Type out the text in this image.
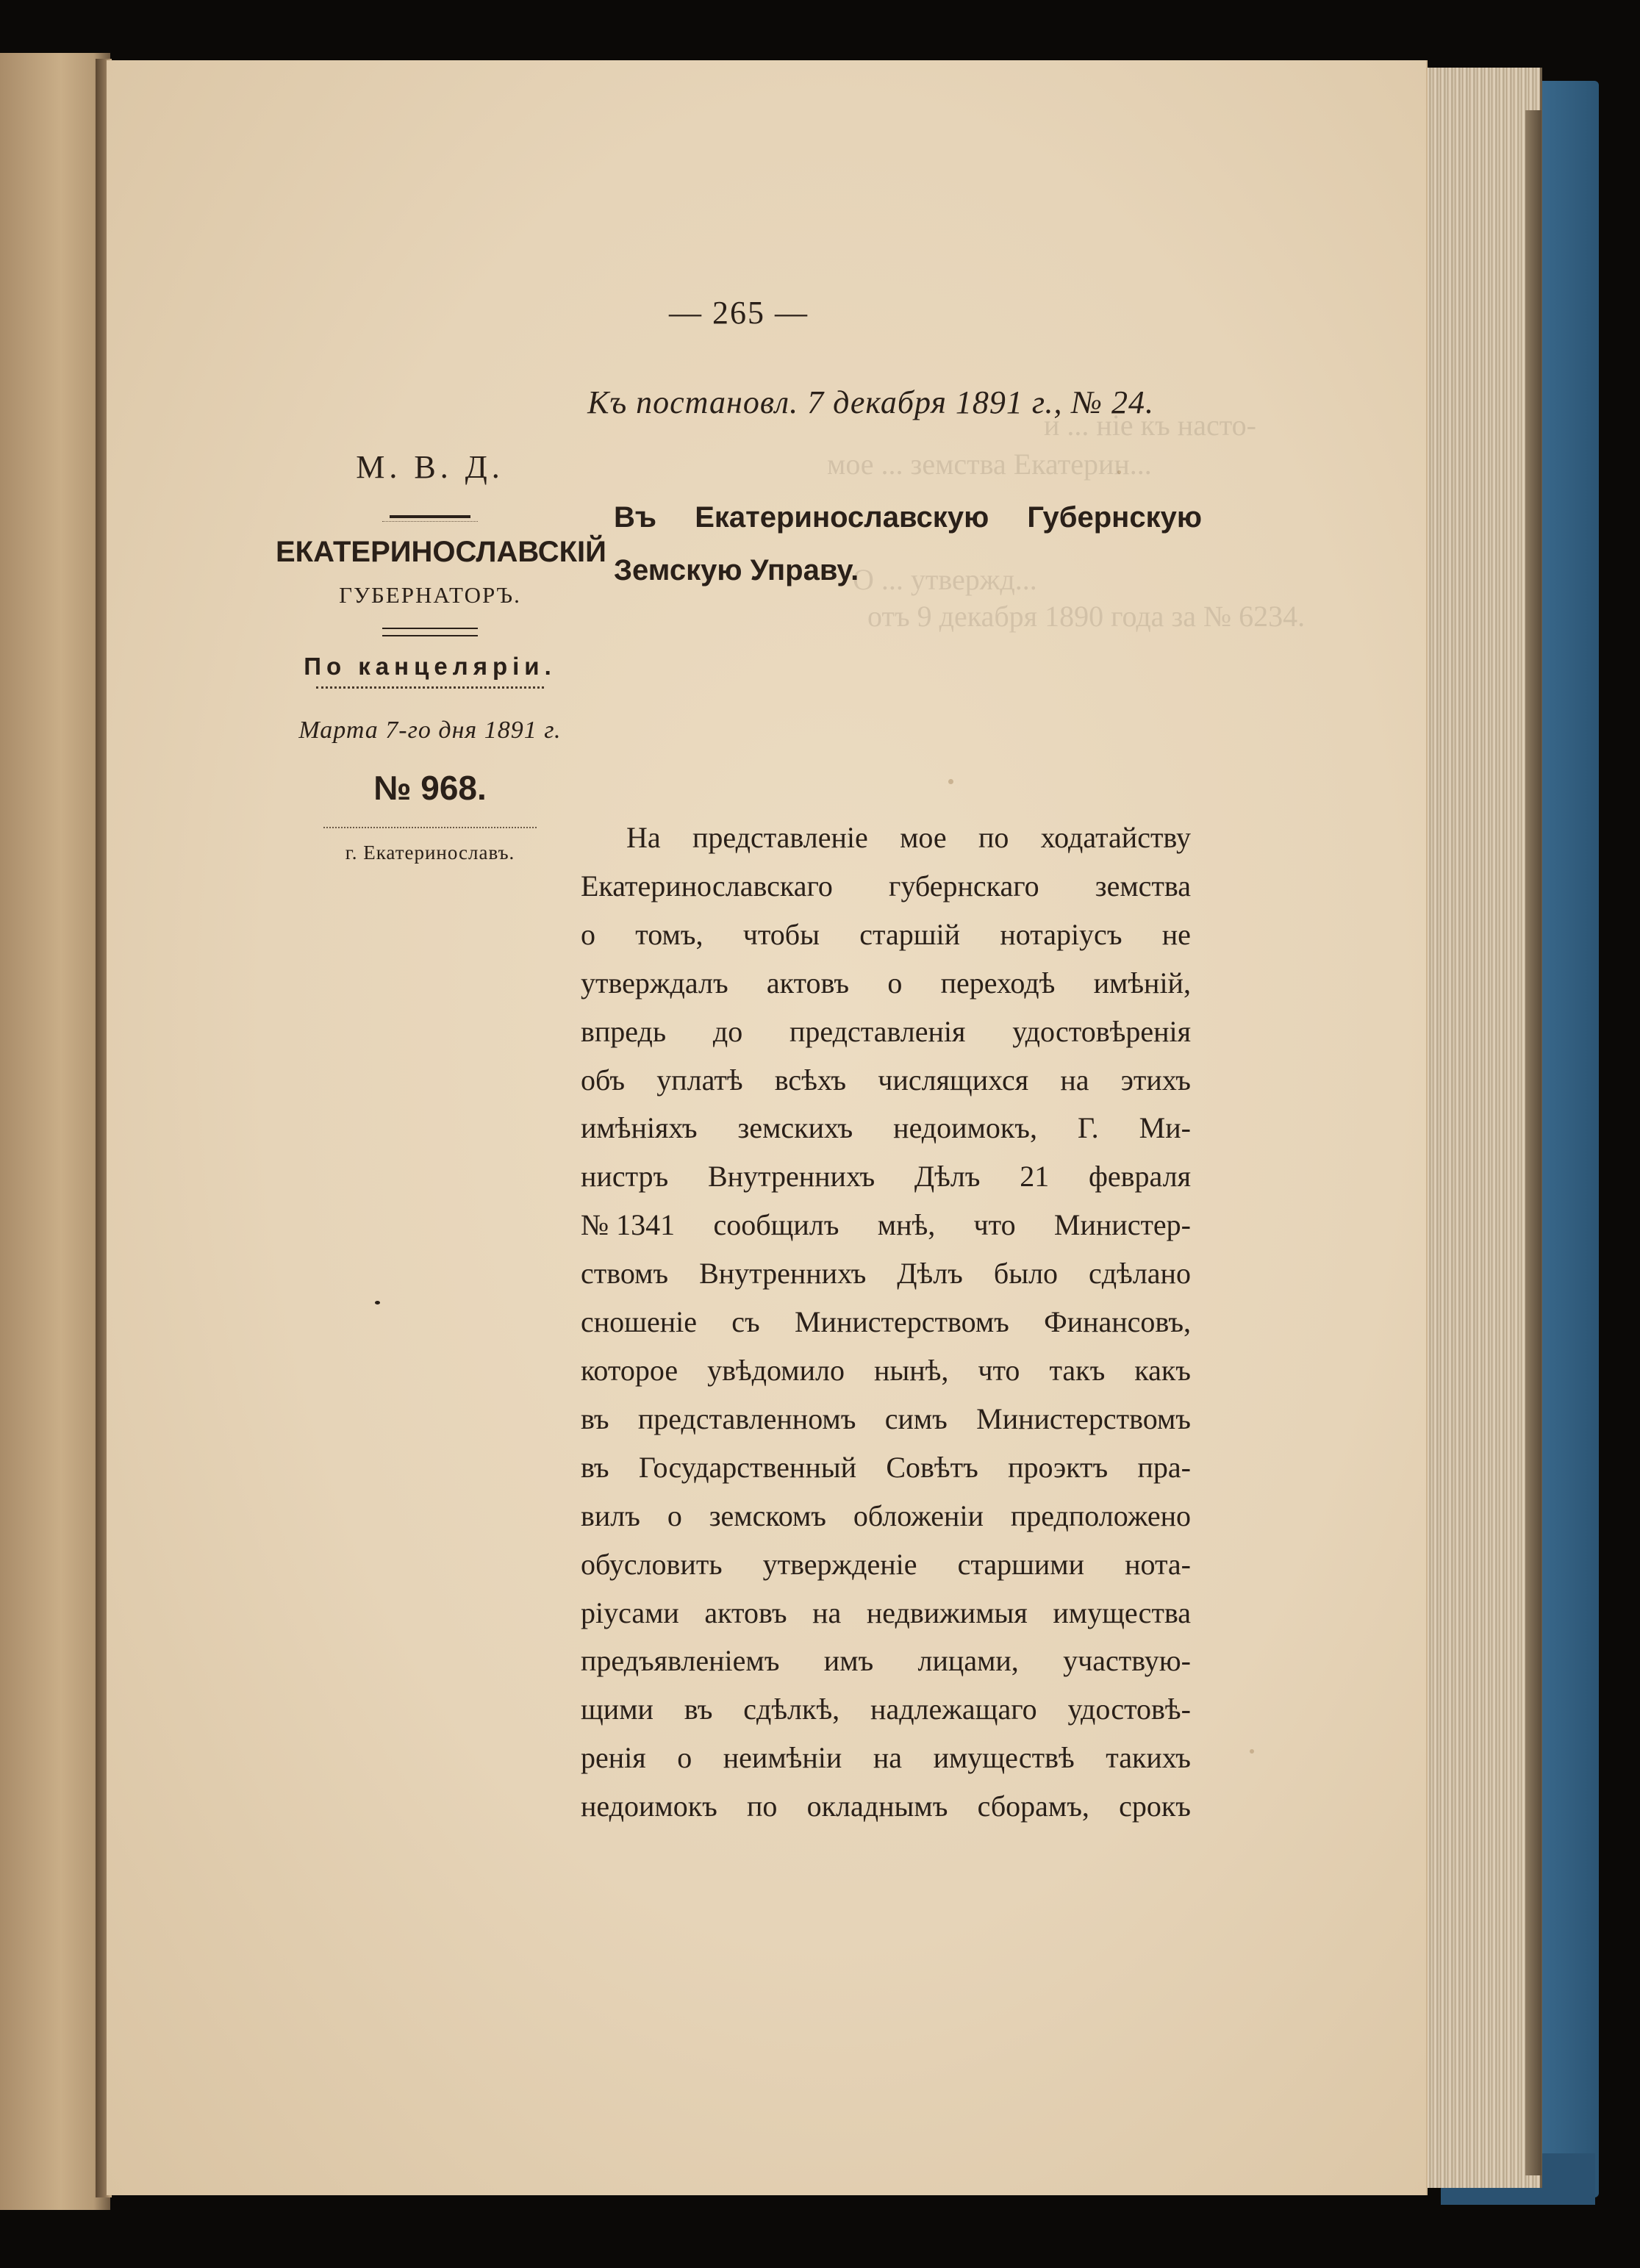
и ... ніе къ насто-
мое ... земства Екатерин...
О ... утвержд...
отъ 9 декабря 1890 года за № 6234.
— 265 —
Къ постановл. 7 декабря 1891 г., № 24.
М. В. Д.
ЕКАТЕРИНОСЛАВСКІЙ
ГУБЕРНАТОРЪ.
По канцеляріи.
Марта 7-го дня 1891 г.
№ 968.
г. Екатеринославъ.
Въ Екатеринославскую Губернскую
Земскую Управу.
На представленіе мое по ходатайству
Екатеринославскаго губернскаго земства
о томъ, чтобы старшій нотаріусъ не
утверждалъ актовъ о переходѣ имѣній,
впредь до представленія удостовѣренія
объ уплатѣ всѣхъ числящихся на этихъ
имѣніяхъ земскихъ недоимокъ, Г. Ми-
нистръ Внутреннихъ Дѣлъ 21 февраля
№ 1341 сообщилъ мнѣ, что Министер-
ствомъ Внутреннихъ Дѣлъ было сдѣлано
сношеніе съ Министерствомъ Финансовъ,
которое увѣдомило нынѣ, что такъ какъ
въ представленномъ симъ Министерствомъ
въ Государственный Совѣтъ проэктъ пра-
вилъ о земскомъ обложеніи предположено
обусловить утвержденіе старшими нота-
ріусами актовъ на недвижимыя имущества
предъявленіемъ имъ лицами, участвую-
щими въ сдѣлкѣ, надлежащаго удостовѣ-
ренія о неимѣніи на имуществѣ такихъ
недоимокъ по окладнымъ сборамъ, срокъ
